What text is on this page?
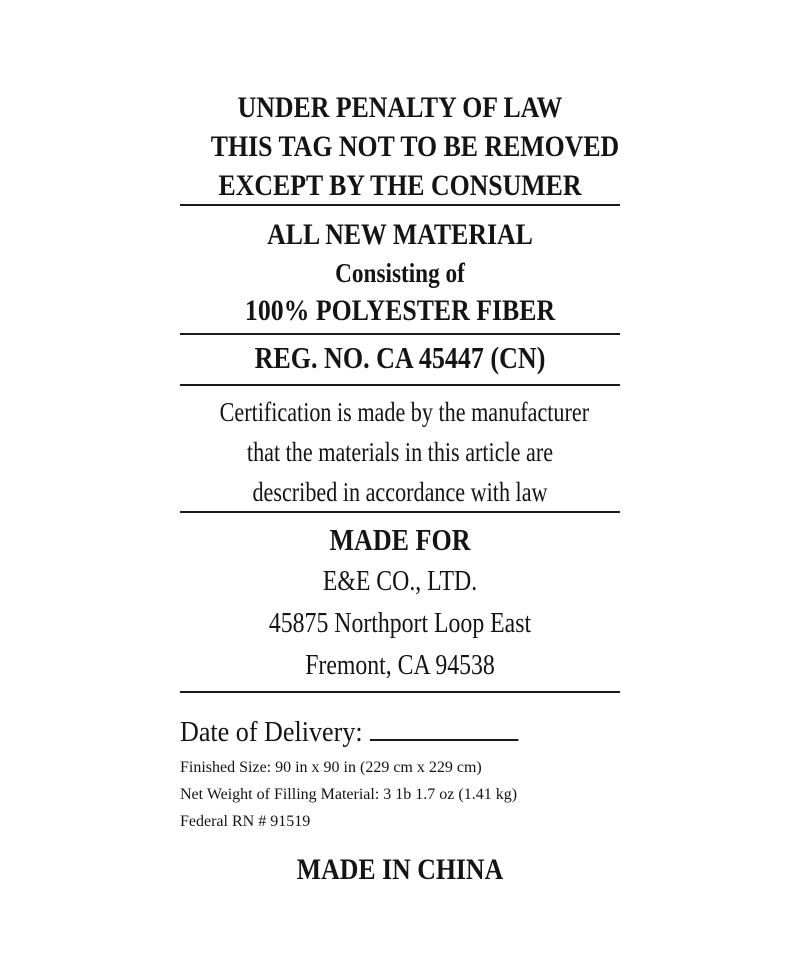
UNDER PENALTY OF LAW
THIS TAG NOT TO BE REMOVED
EXCEPT BY THE CONSUMER
ALL NEW MATERIAL
Consisting of
100% POLYESTER FIBER
REG. NO. CA 45447 (CN)
Certification is made by the manufacturer
that the materials in this article are
described in accordance with law
MADE FOR
E&E CO., LTD.
45875 Northport Loop East
Fremont, CA 94538
Date of Delivery:
Finished Size: 90 in x 90 in (229 cm x 229 cm)
Net Weight of Filling Material: 3 1b 1.7 oz (1.41 kg)
Federal RN # 91519
MADE IN CHINA
